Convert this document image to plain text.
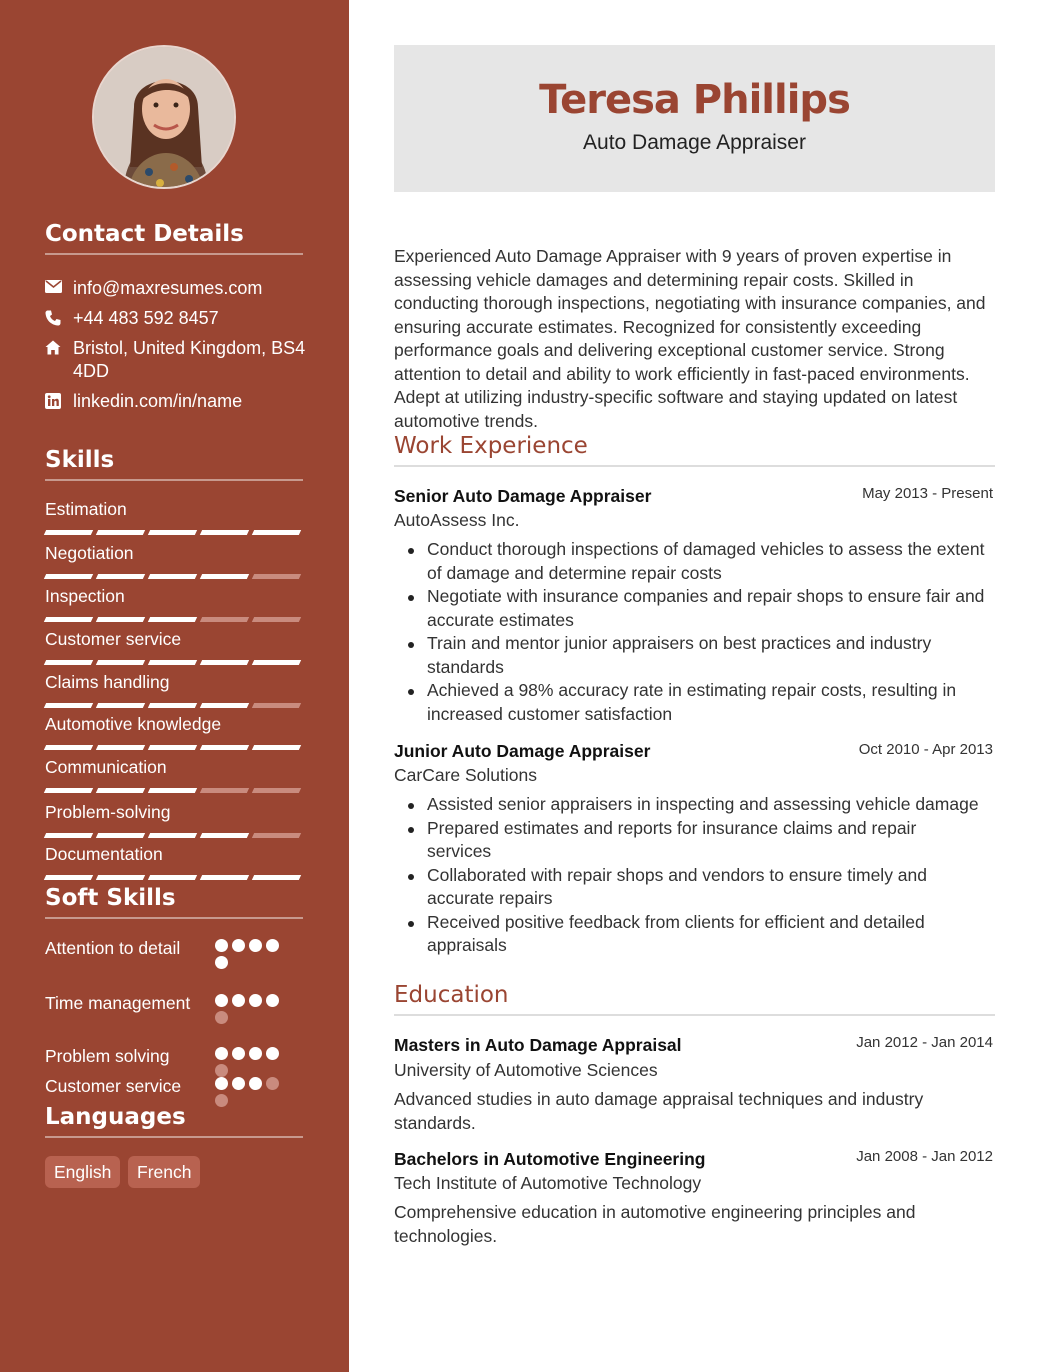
Contact Details
info@maxresumes.com
+44 483 592 8457
Bristol, United Kingdom, BS4 4DD
linkedin.com/in/name
Skills
Estimation
Negotiation
Inspection
Customer service
Claims handling
Automotive knowledge
Communication
Problem-solving
Documentation
Soft Skills
Attention to detail
Time management
Problem solving
Customer service
Languages
English	French
Teresa Phillips
Auto Damage Appraiser
Experienced Auto Damage Appraiser with 9 years of proven expertise in assessing vehicle damages and determining repair costs. Skilled in conducting thorough inspections, negotiating with insurance companies, and ensuring accurate estimates. Recognized for consistently exceeding performance goals and delivering exceptional customer service. Strong attention to detail and ability to work efficiently in fast-paced environments. Adept at utilizing industry-specific software and staying updated on latest automotive trends.
Work Experience
Senior Auto Damage Appraiser	May 2013 - Present
AutoAssess Inc.
Conduct thorough inspections of damaged vehicles to assess the extent of damage and determine repair costs
Negotiate with insurance companies and repair shops to ensure fair and accurate estimates
Train and mentor junior appraisers on best practices and industry standards
Achieved a 98% accuracy rate in estimating repair costs, resulting in increased customer satisfaction
Junior Auto Damage Appraiser	Oct 2010 - Apr 2013
CarCare Solutions
Assisted senior appraisers in inspecting and assessing vehicle damage
Prepared estimates and reports for insurance claims and repair services
Collaborated with repair shops and vendors to ensure timely and accurate repairs
Received positive feedback from clients for efficient and detailed appraisals
Education
Masters in Auto Damage Appraisal	Jan 2012 - Jan 2014
University of Automotive Sciences
Advanced studies in auto damage appraisal techniques and industry standards.
Bachelors in Automotive Engineering	Jan 2008 - Jan 2012
Tech Institute of Automotive Technology
Comprehensive education in automotive engineering principles and technologies.
